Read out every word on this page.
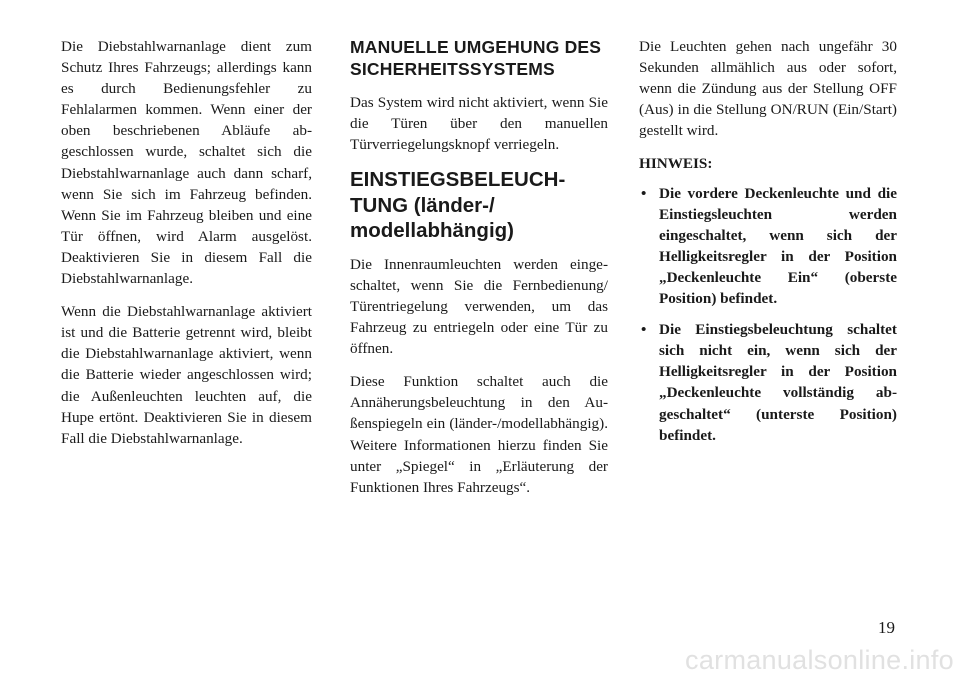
Die Diebstahlwarnanlage dient zum Schutz Ihres Fahrzeugs; allerdings kann es durch Bedienungsfehler zu Fehlalarmen kommen. Wenn einer der oben beschriebenen Abläufe abgeschlossen wurde, schaltet sich die Diebstahlwarnanlage auch dann scharf, wenn Sie sich im Fahrzeug befinden. Wenn Sie im Fahrzeug bleiben und eine Tür öffnen, wird Alarm ausgelöst. Deaktivieren Sie in diesem Fall die Diebstahlwarnanlage.

Wenn die Diebstahlwarnanlage aktiviert ist und die Batterie getrennt wird, bleibt die Diebstahlwarnanlage aktiviert, wenn die Batterie wieder angeschlossen wird; die Außenleuchten leuchten auf, die Hupe ertönt. Deaktivieren Sie in diesem Fall die Diebstahlwarnanlage.

MANUELLE UMGEHUNG DES SICHERHEITSSYSTEMS

Das System wird nicht aktiviert, wenn Sie die Türen über den manuellen Türverriegelungsknopf verriegeln.

EINSTIEGSBELEUCHTUNG (länder-/ modellabhängig)

Die Innenraumleuchten werden eingeschaltet, wenn Sie die Fernbedienung/ Türentriegelung verwenden, um das Fahrzeug zu entriegeln oder eine Tür zu öffnen.

Diese Funktion schaltet auch die Annäherungsbeleuchtung in den Außenspiegeln ein (länder-/modellabhängig). Weitere Informationen hierzu finden Sie unter „Spiegel“ in „Erläuterung der Funktionen Ihres Fahrzeugs“.

Die Leuchten gehen nach ungefähr 30 Sekunden allmählich aus oder sofort, wenn die Zündung aus der Stellung OFF (Aus) in die Stellung ON/RUN (Ein/Start) gestellt wird.

HINWEIS:
• Die vordere Deckenleuchte und die Einstiegsleuchten werden eingeschaltet, wenn sich der Helligkeitsregler in der Position „Deckenleuchte Ein“ (oberste Position) befindet.
• Die Einstiegsbeleuchtung schaltet sich nicht ein, wenn sich der Helligkeitsregler in der Position „Deckenleuchte vollständig abgeschaltet“ (unterste Position) befindet.
19
carmanualsonline.info
